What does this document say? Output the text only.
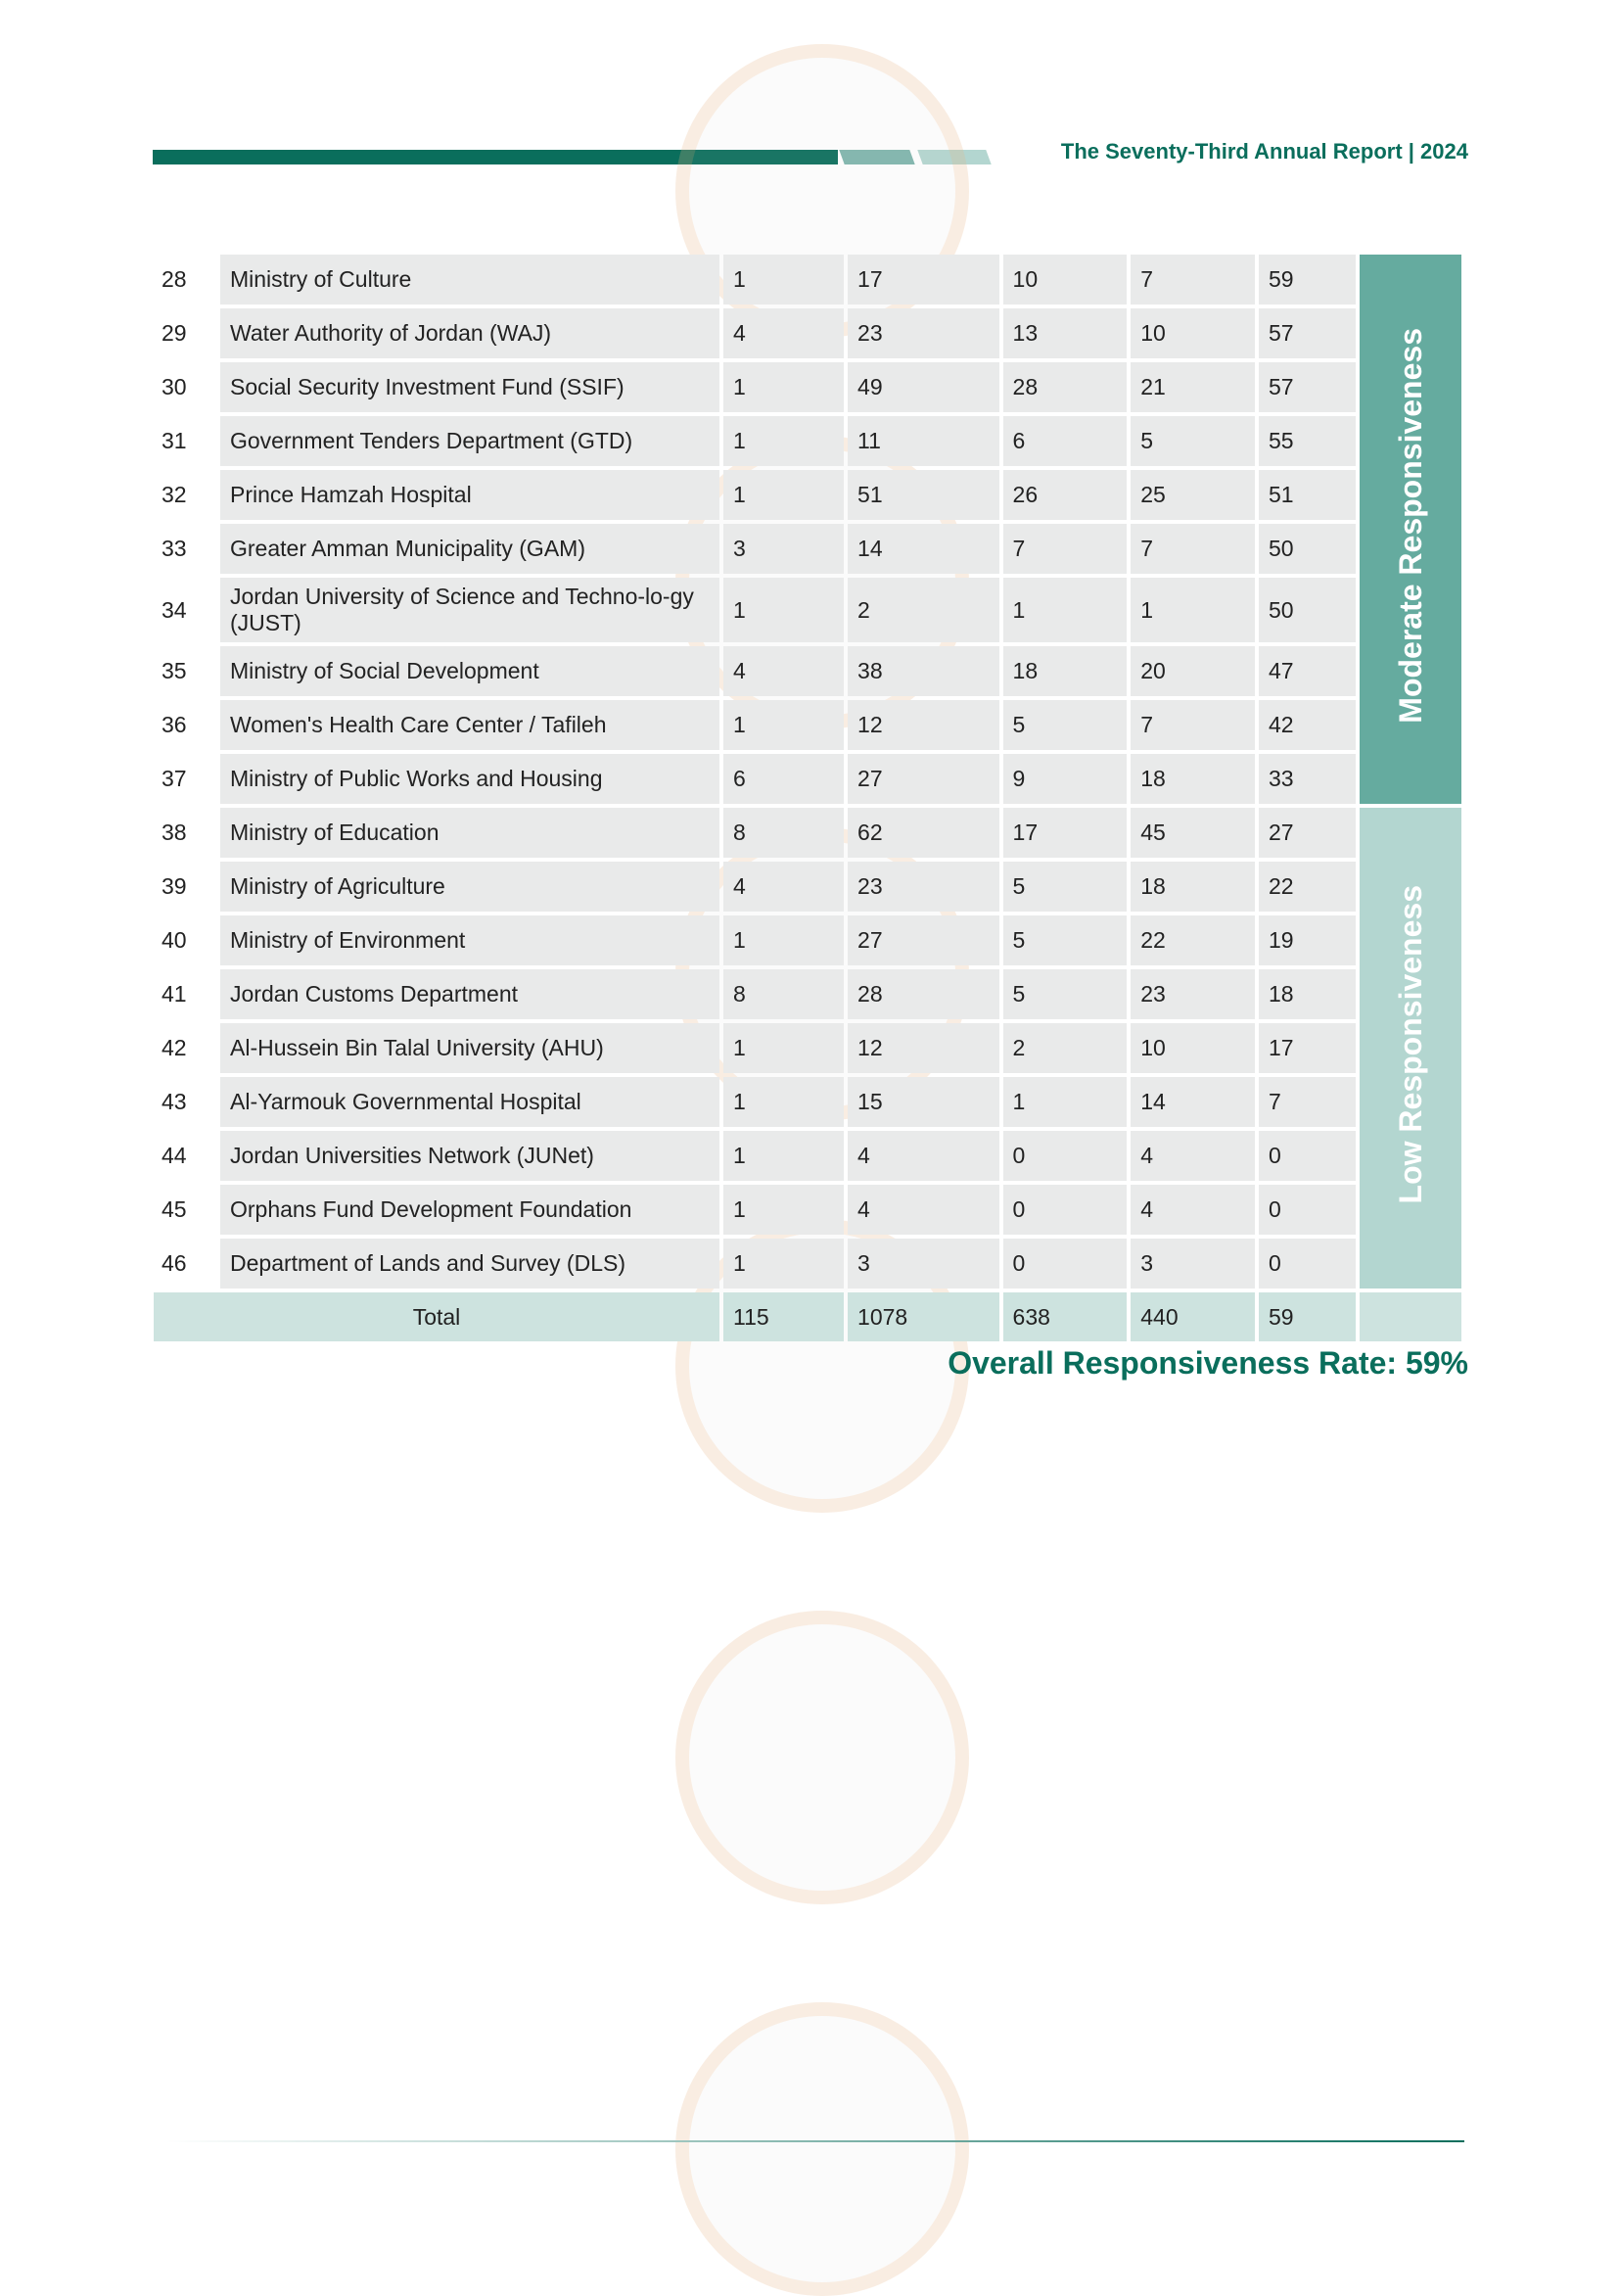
The Seventy-Third Annual Report | 2024
28	Ministry of Culture	1	17	10	7	59	Moderate Responsiveness
29	Water Authority of Jordan (WAJ)	4	23	13	10	57	
30	Social Security Investment Fund (SSIF)	1	49	28	21	57	
31	Government Tenders Department (GTD)	1	11	6	5	55	
32	Prince Hamzah Hospital	1	51	26	25	51	
33	Greater Amman Municipality (GAM)	3	14	7	7	50	
34	Jordan University of Science and Techno-lo-gy (JUST)	1	2	1	1	50	
35	Ministry of Social Development	4	38	18	20	47	
36	Women's Health Care Center / Tafileh	1	12	5	7	42	
37	Ministry of Public Works and Housing	6	27	9	18	33	
38	Ministry of Education	8	62	17	45	27	Low Responsiveness
39	Ministry of Agriculture	4	23	5	18	22	
40	Ministry of Environment	1	27	5	22	19	
41	Jordan Customs Department	8	28	5	23	18	
42	Al-Hussein Bin Talal University (AHU)	1	12	2	10	17	
43	Al-Yarmouk Governmental Hospital	1	15	1	14	7	
44	Jordan Universities Network (JUNet)	1	4	0	4	0	
45	Orphans Fund Development Foundation	1	4	0	4	0	
46	Department of Lands and Survey (DLS)	1	3	0	3	0	
Total		115	1078	638	440	59	
Overall Responsiveness Rate: 59%
